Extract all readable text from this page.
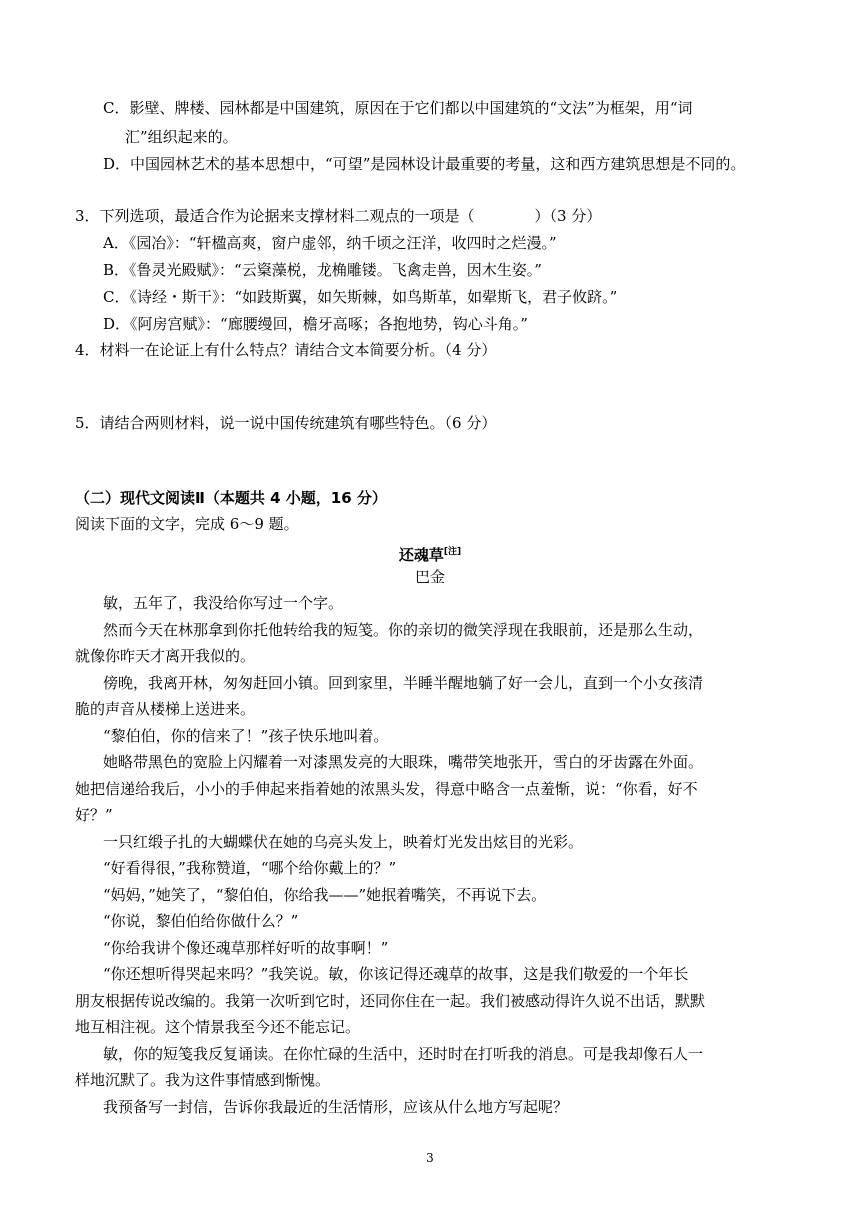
C．影壁、牌楼、园林都是中国建筑，原因在于它们都以中国建筑的“文法”为框架，用“词
汇”组织起来的。
D．中国园林艺术的基本思想中，“可望”是园林设计最重要的考量，这和西方建筑思想是不同的。
3．下列选项，最适合作为论据来支撑材料二观点的一项是（　　　　）（3 分）
A．《园冶》：“轩楹高爽，窗户虚邻，纳千顷之汪洋，收四时之烂漫。”
B．《鲁灵光殿赋》：“云楶藻棁，龙桷雕镂。飞禽走兽，因木生姿。”
C．《诗经・斯干》：“如跂斯翼，如矢斯棘，如鸟斯革，如翚斯飞，君子攸跻。”
D．《阿房宫赋》：“廊腰缦回，檐牙高啄；各抱地势，钩心斗角。”
4．材料一在论证上有什么特点？请结合文本简要分析。（4 分）
5．请结合两则材料，说一说中国传统建筑有哪些特色。（6 分）
（二）现代文阅读Ⅱ（本题共 4 小题，16 分）
阅读下面的文字，完成 6～9 题。
还魂草[注]
巴金
敏，五年了，我没给你写过一个字。
然而今天在林那拿到你托他转给我的短笺。你的亲切的微笑浮现在我眼前，还是那么生动，
就像你昨天才离开我似的。
傍晚，我离开林，匆匆赶回小镇。回到家里，半睡半醒地躺了好一会儿，直到一个小女孩清
脆的声音从楼梯上送进来。
“黎伯伯，你的信来了！”孩子快乐地叫着。
她略带黑色的宽脸上闪耀着一对漆黑发亮的大眼珠，嘴带笑地张开，雪白的牙齿露在外面。
她把信递给我后，小小的手伸起来指着她的浓黑头发，得意中略含一点羞惭，说：“你看，好不
好？”
一只红缎子扎的大蝴蝶伏在她的乌亮头发上，映着灯光发出炫目的光彩。
“好看得很，”我称赞道，“哪个给你戴上的？”
“妈妈，”她笑了，“黎伯伯，你给我——”她抿着嘴笑，不再说下去。
“你说，黎伯伯给你做什么？”
“你给我讲个像还魂草那样好听的故事啊！”
“你还想听得哭起来吗？”我笑说。敏，你该记得还魂草的故事，这是我们敬爱的一个年长
朋友根据传说改编的。我第一次听到它时，还同你住在一起。我们被感动得许久说不出话，默默
地互相注视。这个情景我至今还不能忘记。
敏，你的短笺我反复诵读。在你忙碌的生活中，还时时在打听我的消息。可是我却像石人一
样地沉默了。我为这件事情感到惭愧。
我预备写一封信，告诉你我最近的生活情形，应该从什么地方写起呢？
3
